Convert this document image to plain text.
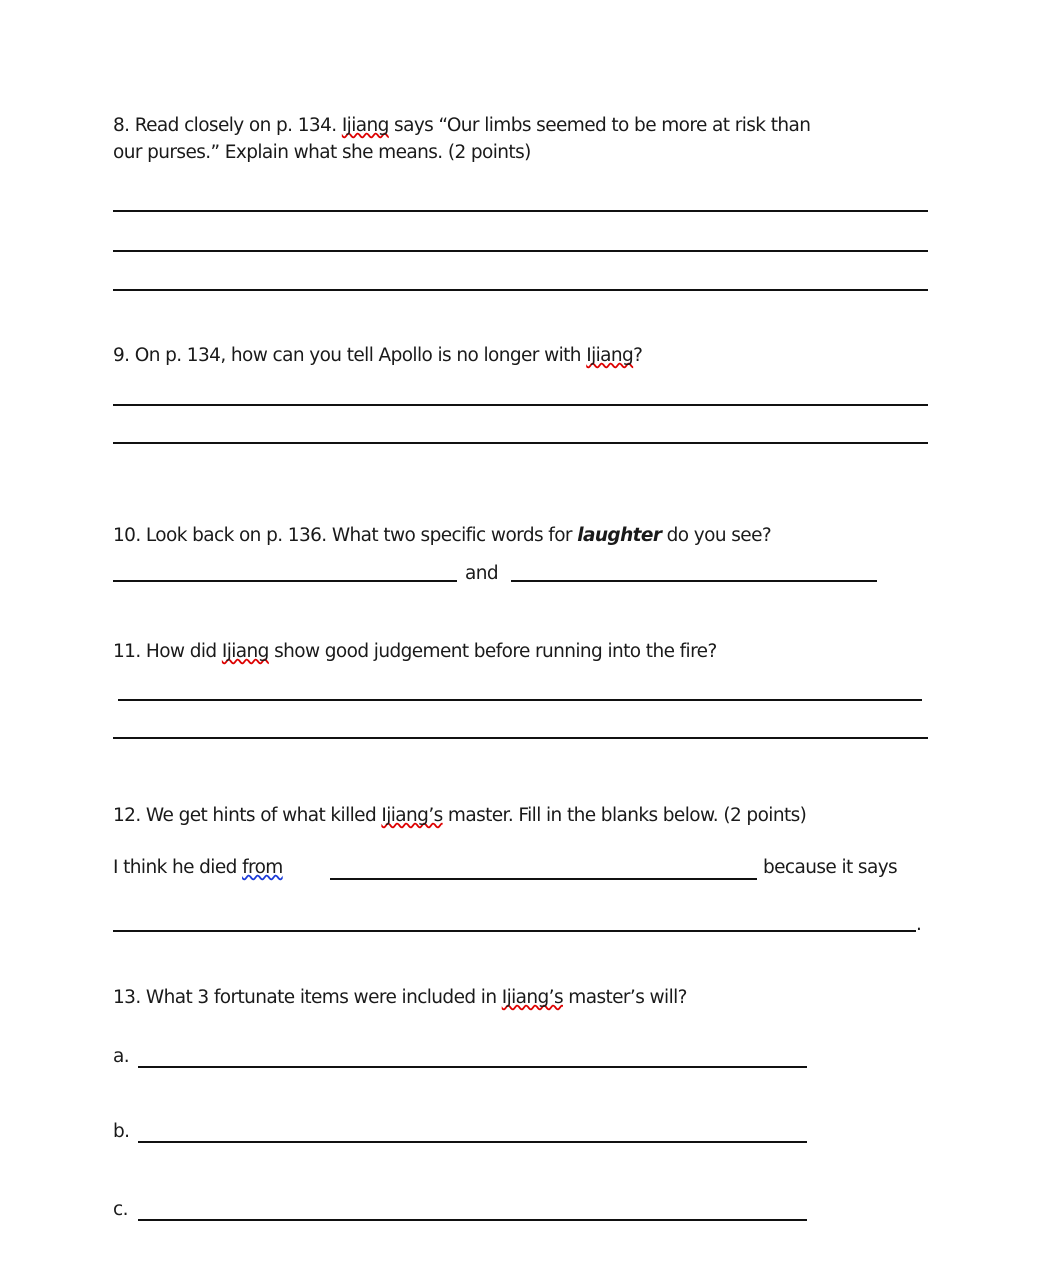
8. Read closely on p. 134. Ijiang says “Our limbs seemed to be more at risk than
our purses.” Explain what she means. (2 points)
9. On p. 134, how can you tell Apollo is no longer with Ijiang?
10. Look back on p. 136. What two specific words for laughter do you see?
and
11. How did Ijiang show good judgement before running into the fire?
12. We get hints of what killed Ijiang’s master. Fill in the blanks below. (2 points)
I think he died from	because it says
.
13. What 3 fortunate items were included in Ijiang’s master’s will?
a.
b.
c.
